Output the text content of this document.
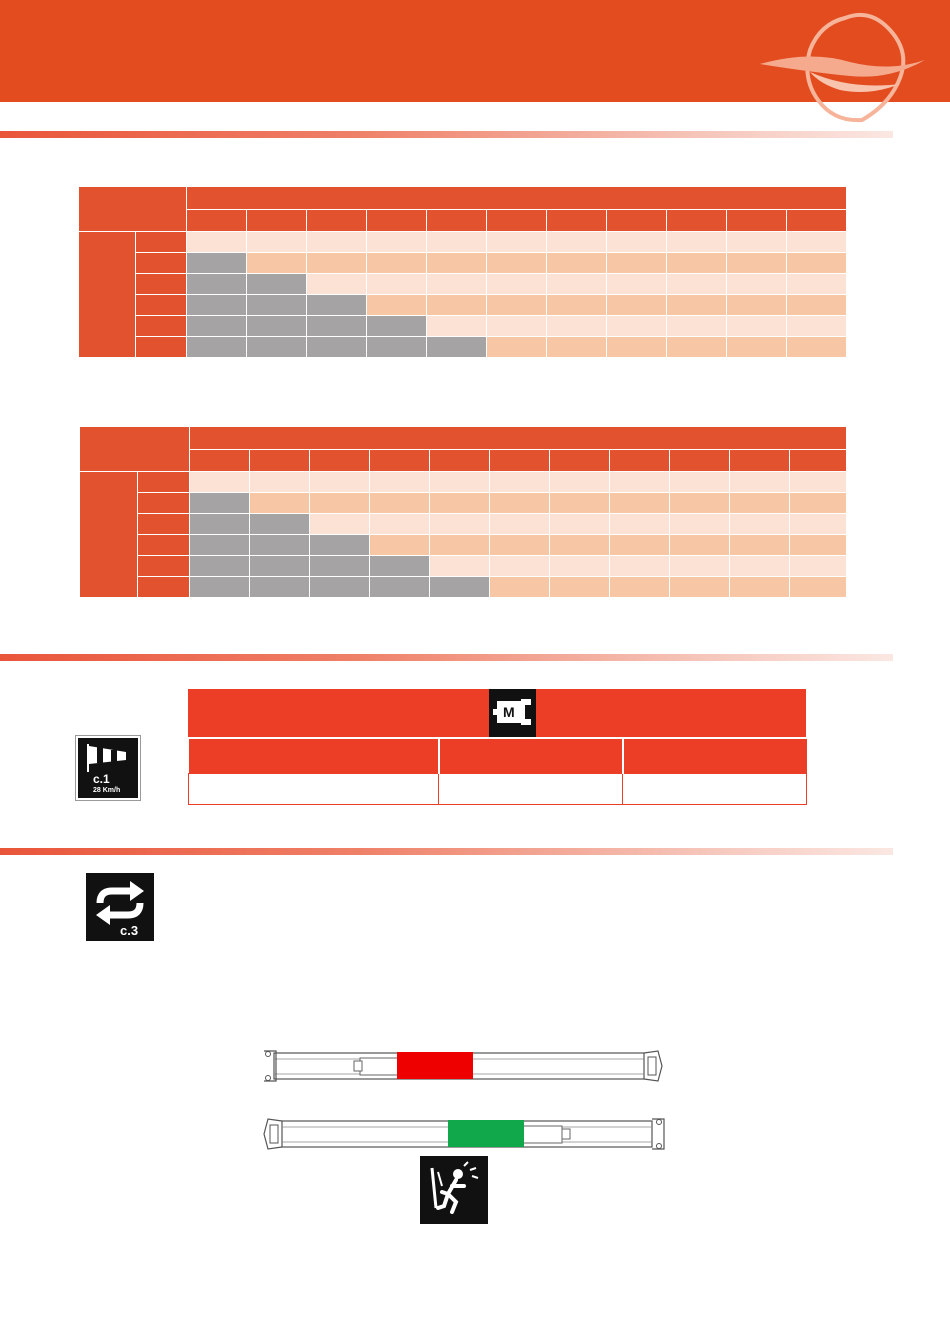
c.1
28 Km/h
M

c.3
